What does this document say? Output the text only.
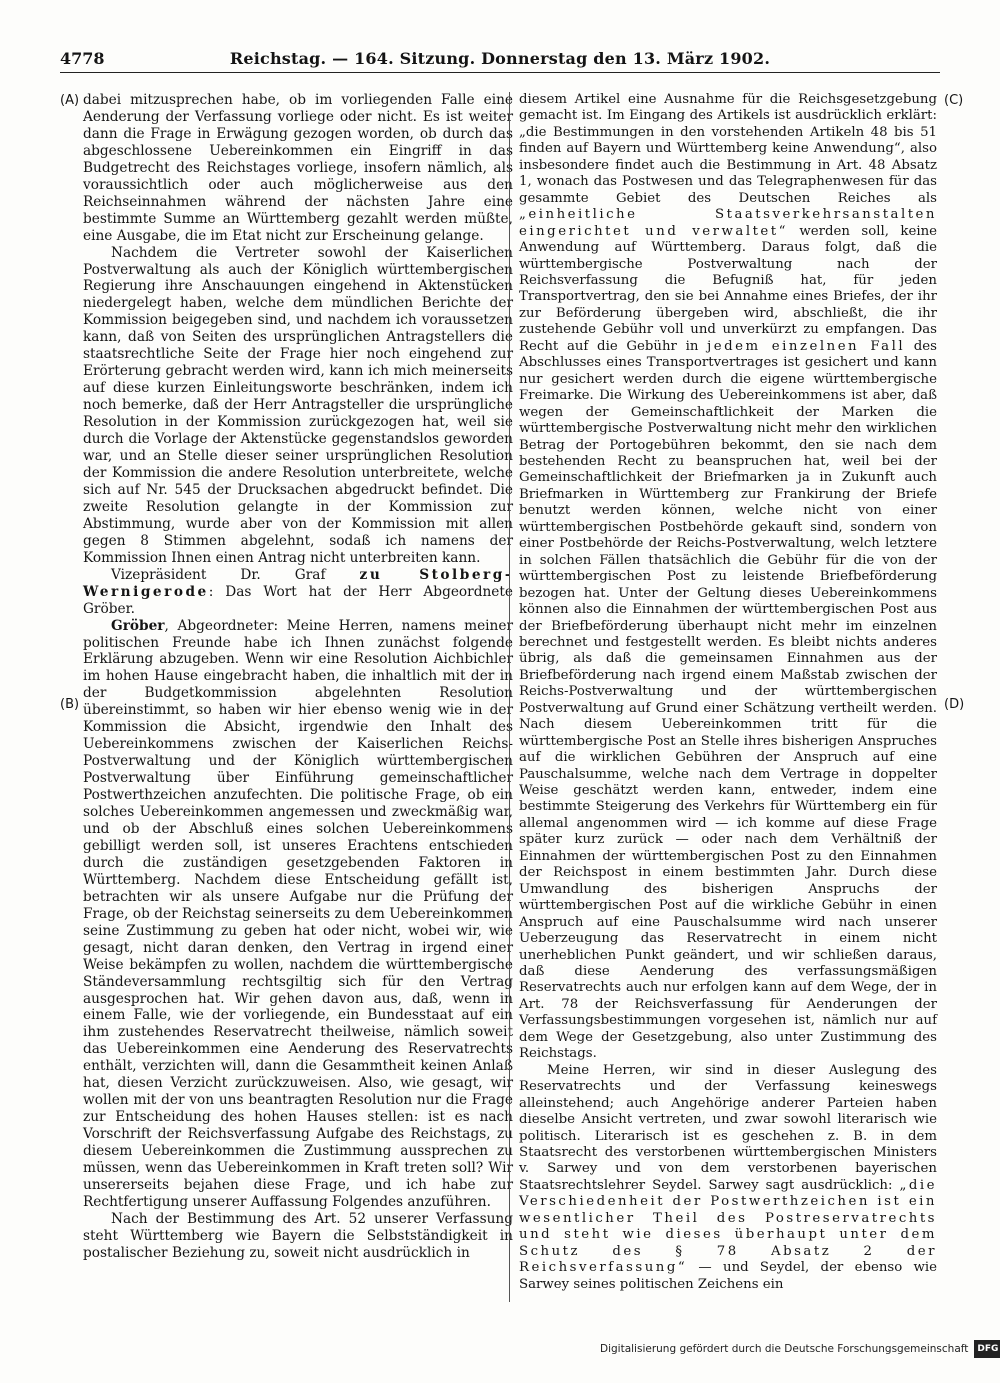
4778	Reichstag. — 164. Sitzung. Donnerstag den 13. März 1902.
(A)
(B)
(C)
(D)

dabei mitzusprechen habe, ob im vorliegenden Falle eine Aenderung der Verfassung vorliege oder nicht. Es ist weiter dann die Frage in Erwägung gezogen worden, ob durch das abgeschlossene Uebereinkommen ein Eingriff in das Budgetrecht des Reichstages vorliege, insofern nämlich, als voraussichtlich oder auch möglicherweise aus den Reichseinnahmen während der nächsten Jahre eine bestimmte Summe an Württemberg gezahlt werden müßte, eine Ausgabe, die im Etat nicht zur Erscheinung gelange.

Nachdem die Vertreter sowohl der Kaiserlichen Postverwaltung als auch der Königlich württembergischen Regierung ihre Anschauungen eingehend in Aktenstücken niedergelegt haben, welche dem mündlichen Berichte der Kommission beigegeben sind, und nachdem ich voraussetzen kann, daß von Seiten des ursprünglichen Antragstellers die staatsrechtliche Seite der Frage hier noch eingehend zur Erörterung gebracht werden wird, kann ich mich meinerseits auf diese kurzen Einleitungsworte beschränken, indem ich noch bemerke, daß der Herr Antragsteller die ursprüngliche Resolution in der Kommission zurückgezogen hat, weil sie durch die Vorlage der Aktenstücke gegenstandslos geworden war, und an Stelle dieser seiner ursprünglichen Resolution der Kommission die andere Resolution unterbreitete, welche sich auf Nr. 545 der Drucksachen abgedruckt befindet. Die zweite Resolution gelangte in der Kommission zur Abstimmung, wurde aber von der Kommission mit allen gegen 8 Stimmen abgelehnt, sodaß ich namens der Kommission Ihnen einen Antrag nicht unterbreiten kann.

Vizepräsident Dr. Graf zu Stolberg-Wernigerode: Das Wort hat der Herr Abgeordnete Gröber.

Gröber, Abgeordneter: Meine Herren, namens meiner politischen Freunde habe ich Ihnen zunächst folgende Erklärung abzugeben. Wenn wir eine Resolution Aichbichler im hohen Hause eingebracht haben, die inhaltlich mit der in der Budgetkommission abgelehnten Resolution übereinstimmt, so haben wir hier ebenso wenig wie in der Kommission die Absicht, irgendwie den Inhalt des Uebereinkommens zwischen der Kaiserlichen Reichs-Postverwaltung und der Königlich württembergischen Postverwaltung über Einführung gemeinschaftlicher Postwerthzeichen anzufechten. Die politische Frage, ob ein solches Uebereinkommen angemessen und zweckmäßig war, und ob der Abschluß eines solchen Uebereinkommens gebilligt werden soll, ist unseres Erachtens entschieden durch die zuständigen gesetzgebenden Faktoren in Württemberg. Nachdem diese Entscheidung gefällt ist, betrachten wir als unsere Aufgabe nur die Prüfung der Frage, ob der Reichstag seinerseits zu dem Uebereinkommen seine Zustimmung zu geben hat oder nicht, wobei wir, wie gesagt, nicht daran denken, den Vertrag in irgend einer Weise bekämpfen zu wollen, nachdem die württembergische Ständeversammlung rechtsgiltig sich für den Vertrag ausgesprochen hat. Wir gehen davon aus, daß, wenn in einem Falle, wie der vorliegende, ein Bundesstaat auf ein ihm zustehendes Reservatrecht theilweise, nämlich soweit das Uebereinkommen eine Aenderung des Reservatrechts enthält, verzichten will, dann die Gesammtheit keinen Anlaß hat, diesen Verzicht zurückzuweisen. Also, wie gesagt, wir wollen mit der von uns beantragten Resolution nur die Frage zur Entscheidung des hohen Hauses stellen: ist es nach Vorschrift der Reichsverfassung Aufgabe des Reichstags, zu diesem Uebereinkommen die Zustimmung aussprechen zu müssen, wenn das Uebereinkommen in Kraft treten soll? Wir unsererseits bejahen diese Frage, und ich habe zur Rechtfertigung unserer Auffassung Folgendes anzuführen.

Nach der Bestimmung des Art. 52 unserer Verfassung steht Württemberg wie Bayern die Selbstständigkeit in postalischer Beziehung zu, soweit nicht ausdrücklich in

diesem Artikel eine Ausnahme für die Reichsgesetzgebung gemacht ist. Im Eingang des Artikels ist ausdrücklich erklärt: „die Bestimmungen in den vorstehenden Artikeln 48 bis 51 finden auf Bayern und Württemberg keine Anwendung“, also insbesondere findet auch die Bestimmung in Art. 48 Absatz 1, wonach das Postwesen und das Telegraphenwesen für das gesammte Gebiet des Deutschen Reiches als „einheitliche Staatsverkehrsanstalten eingerichtet und verwaltet“ werden soll, keine Anwendung auf Württemberg. Daraus folgt, daß die württembergische Postverwaltung nach der Reichsverfassung die Befugniß hat, für jeden Transportvertrag, den sie bei Annahme eines Briefes, der ihr zur Beförderung übergeben wird, abschließt, die ihr zustehende Gebühr voll und unverkürzt zu empfangen. Das Recht auf die Gebühr in jedem einzelnen Fall des Abschlusses eines Transportvertrages ist gesichert und kann nur gesichert werden durch die eigene württembergische Freimarke. Die Wirkung des Uebereinkommens ist aber, daß wegen der Gemeinschaftlichkeit der Marken die württembergische Postverwaltung nicht mehr den wirklichen Betrag der Portogebühren bekommt, den sie nach dem bestehenden Recht zu beanspruchen hat, weil bei der Gemeinschaftlichkeit der Briefmarken ja in Zukunft auch Briefmarken in Württemberg zur Frankirung der Briefe benutzt werden können, welche nicht von einer württembergischen Postbehörde gekauft sind, sondern von einer Postbehörde der Reichs-Postverwaltung, welch letztere in solchen Fällen thatsächlich die Gebühr für die von der württembergischen Post zu leistende Briefbeförderung bezogen hat. Unter der Geltung dieses Uebereinkommens können also die Einnahmen der württembergischen Post aus der Briefbeförderung überhaupt nicht mehr im einzelnen berechnet und festgestellt werden. Es bleibt nichts anderes übrig, als daß die gemeinsamen Einnahmen aus der Briefbeförderung nach irgend einem Maßstab zwischen der Reichs-Postverwaltung und der württembergischen Postverwaltung auf Grund einer Schätzung vertheilt werden. Nach diesem Uebereinkommen tritt für die württembergische Post an Stelle ihres bisherigen Anspruches auf die wirklichen Gebühren der Anspruch auf eine Pauschalsumme, welche nach dem Vertrage in doppelter Weise geschätzt werden kann, entweder, indem eine bestimmte Steigerung des Verkehrs für Württemberg ein für allemal angenommen wird — ich komme auf diese Frage später kurz zurück — oder nach dem Verhältniß der Einnahmen der württembergischen Post zu den Einnahmen der Reichspost in einem bestimmten Jahr. Durch diese Umwandlung des bisherigen Anspruchs der württembergischen Post auf die wirkliche Gebühr in einen Anspruch auf eine Pauschalsumme wird nach unserer Ueberzeugung das Reservatrecht in einem nicht unerheblichen Punkt geändert, und wir schließen daraus, daß diese Aenderung des verfassungsmäßigen Reservatrechts auch nur erfolgen kann auf dem Wege, der in Art. 78 der Reichsverfassung für Aenderungen der Verfassungsbestimmungen vorgesehen ist, nämlich nur auf dem Wege der Gesetzgebung, also unter Zustimmung des Reichstags.

Meine Herren, wir sind in dieser Auslegung des Reservatrechts und der Verfassung keineswegs alleinstehend; auch Angehörige anderer Parteien haben dieselbe Ansicht vertreten, und zwar sowohl literarisch wie politisch. Literarisch ist es geschehen z. B. in dem Staatsrecht des verstorbenen württembergischen Ministers v. Sarwey und von dem verstorbenen bayerischen Staatsrechtslehrer Seydel. Sarwey sagt ausdrücklich: „die Verschiedenheit der Postwerthzeichen ist ein wesentlicher Theil des Postreservatrechts und steht wie dieses überhaupt unter dem Schutz des § 78 Absatz 2 der Reichsverfassung“ — und Seydel, der ebenso wie Sarwey seines politischen Zeichens ein

Digitalisierung gefördert durch die Deutsche Forschungsgemeinschaft DFG
